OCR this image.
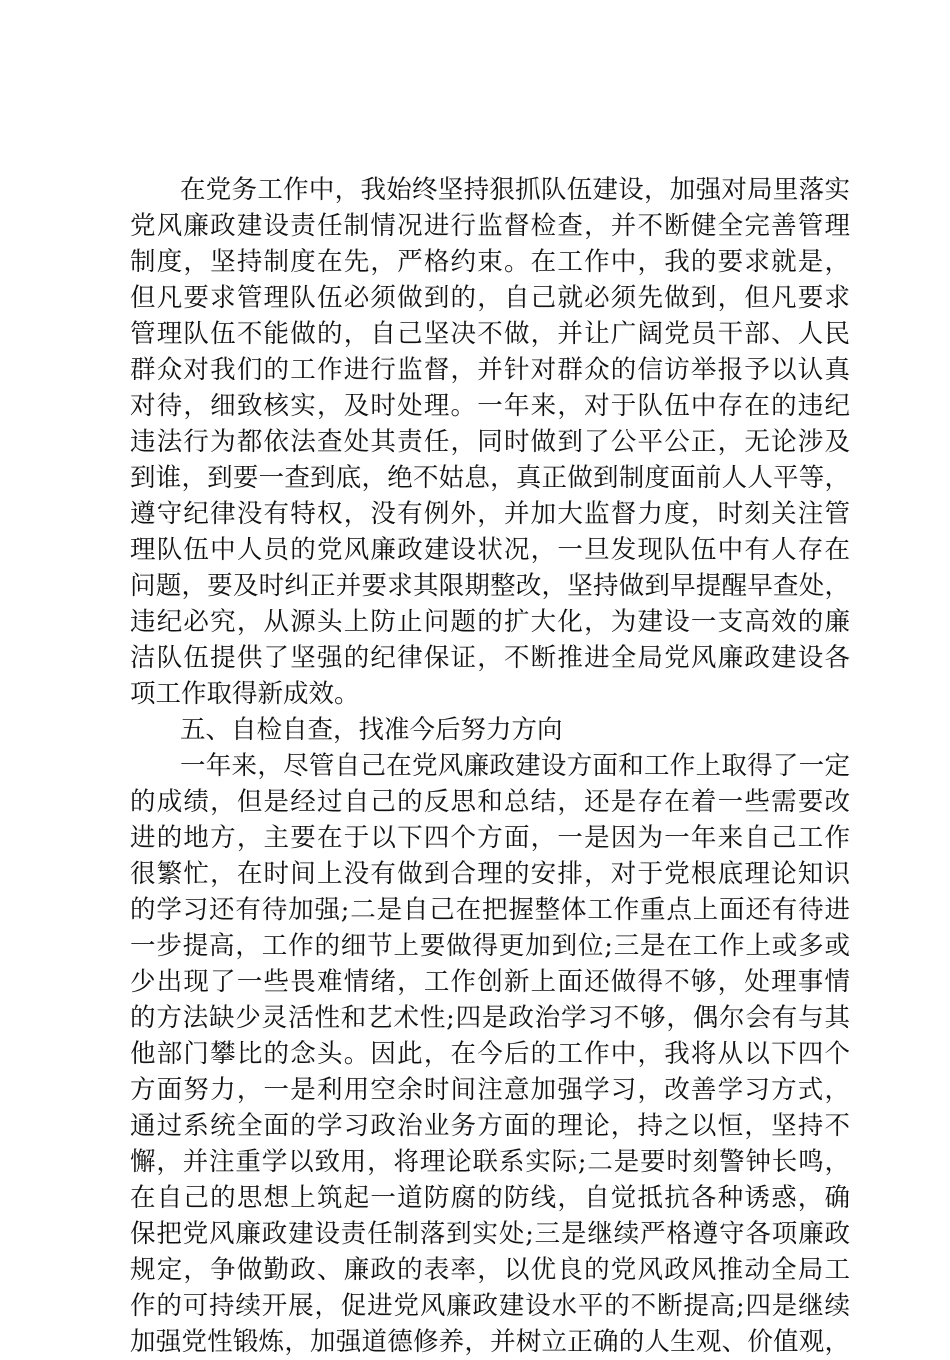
在党务工作中，我始终坚持狠抓队伍建设，加强对局里落实
党风廉政建设责任制情况进行监督检查，并不断健全完善管理
制度，坚持制度在先，严格约束。在工作中，我的要求就是，
但凡要求管理队伍必须做到的，自己就必须先做到，但凡要求
管理队伍不能做的，自己坚决不做，并让广阔党员干部、人民
群众对我们的工作进行监督，并针对群众的信访举报予以认真
对待，细致核实，及时处理。一年来，对于队伍中存在的违纪
违法行为都依法查处其责任，同时做到了公平公正，无论涉及
到谁，到要一查到底，绝不姑息，真正做到制度面前人人平等，
遵守纪律没有特权，没有例外，并加大监督力度，时刻关注管
理队伍中人员的党风廉政建设状况，一旦发现队伍中有人存在
问题，要及时纠正并要求其限期整改，坚持做到早提醒早查处，
违纪必究，从源头上防止问题的扩大化，为建设一支高效的廉
洁队伍提供了坚强的纪律保证，不断推进全局党风廉政建设各
项工作取得新成效。
五、自检自查，找准今后努力方向
一年来，尽管自己在党风廉政建设方面和工作上取得了一定
的成绩，但是经过自己的反思和总结，还是存在着一些需要改
进的地方，主要在于以下四个方面，一是因为一年来自己工作
很繁忙，在时间上没有做到合理的安排，对于党根底理论知识
的学习还有待加强;二是自己在把握整体工作重点上面还有待进
一步提高，工作的细节上要做得更加到位;三是在工作上或多或
少出现了一些畏难情绪，工作创新上面还做得不够，处理事情
的方法缺少灵活性和艺术性;四是政治学习不够，偶尔会有与其
他部门攀比的念头。因此，在今后的工作中，我将从以下四个
方面努力，一是利用空余时间注意加强学习，改善学习方式，
通过系统全面的学习政治业务方面的理论，持之以恒，坚持不
懈，并注重学以致用，将理论联系实际;二是要时刻警钟长鸣，
在自己的思想上筑起一道防腐的防线，自觉抵抗各种诱惑，确
保把党风廉政建设责任制落到实处;三是继续严格遵守各项廉政
规定，争做勤政、廉政的表率，以优良的党风政风推动全局工
作的可持续开展，促进党风廉政建设水平的不断提高;四是继续
加强党性锻炼，加强道德修养，并树立正确的人生观、价值观，
